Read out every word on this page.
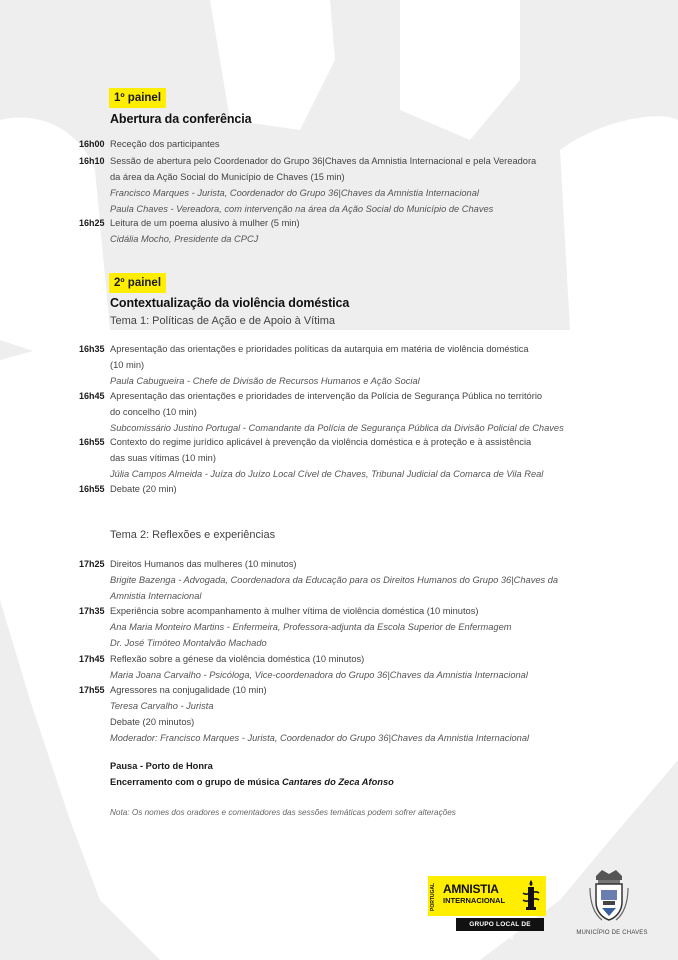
1º painel
Abertura da conferência
16h00 Receção dos participantes
16h10 Sessão de abertura pelo Coordenador do Grupo 36|Chaves da Amnistia Internacional e pela Vereadora
da área da Ação Social do Município de Chaves (15 min)
Francisco Marques - Jurista, Coordenador do Grupo 36|Chaves da Amnistia Internacional
Paula Chaves - Vereadora, com intervenção na área da Ação Social do Município de Chaves
16h25 Leitura de um poema alusivo à mulher (5 min)
Cidália Mocho, Presidente da CPCJ
2º painel
Contextualização da violência doméstica
Tema 1: Políticas de Ação e de Apoio à Vítima
16h35 Apresentação das orientações e prioridades políticas da autarquia em matéria de violência doméstica
(10 min)
Paula Cabugueira - Chefe de Divisão de Recursos Humanos e Ação Social
16h45 Apresentação das orientações e prioridades de intervenção da Polícia de Segurança Pública no território
do concelho (10 min)
Subcomissário Justino Portugal - Comandante da Polícia de Segurança Pública da Divisão Policial de Chaves
16h55 Contexto do regime jurídico aplicável à prevenção da violência doméstica e à proteção e à assistência
das suas vítimas (10 min)
Júlia Campos Almeida - Juíza do Juízo Local Cível de Chaves, Tribunal Judicial da Comarca de Vila Real
16h55 Debate (20 min)
Tema 2: Reflexões e experiências
17h25 Direitos Humanos das mulheres (10 minutos)
Brigite Bazenga - Advogada, Coordenadora da Educação para os Direitos Humanos do Grupo 36|Chaves da
Amnistia Internacional
17h35 Experiência sobre acompanhamento à mulher vítima de violência doméstica (10 minutos)
Ana Maria Monteiro Martins - Enfermeira, Professora-adjunta da Escola Superior de Enfermagem
Dr. José Timóteo Montalvão Machado
17h45 Reflexão sobre a génese da violência doméstica (10 minutos)
Maria Joana Carvalho - Psicóloga, Vice-coordenadora do Grupo 36|Chaves da Amnistia Internacional
17h55 Agressores na conjugalidade (10 min)
Teresa Carvalho - Jurista
Debate (20 minutos)
Moderador: Francisco Marques - Jurista, Coordenador do Grupo 36|Chaves da Amnistia Internacional
Pausa - Porto de Honra
Encerramento com o grupo de música Cantares do Zeca Afonso
Nota: Os nomes dos oradores e comentadores das sessões temáticas podem sofrer alterações
PORTUGAL AMNISTIA
INTERNACIONAL
GRUPO LOCAL DE CHAVES
MUNICÍPIO DE CHAVES
